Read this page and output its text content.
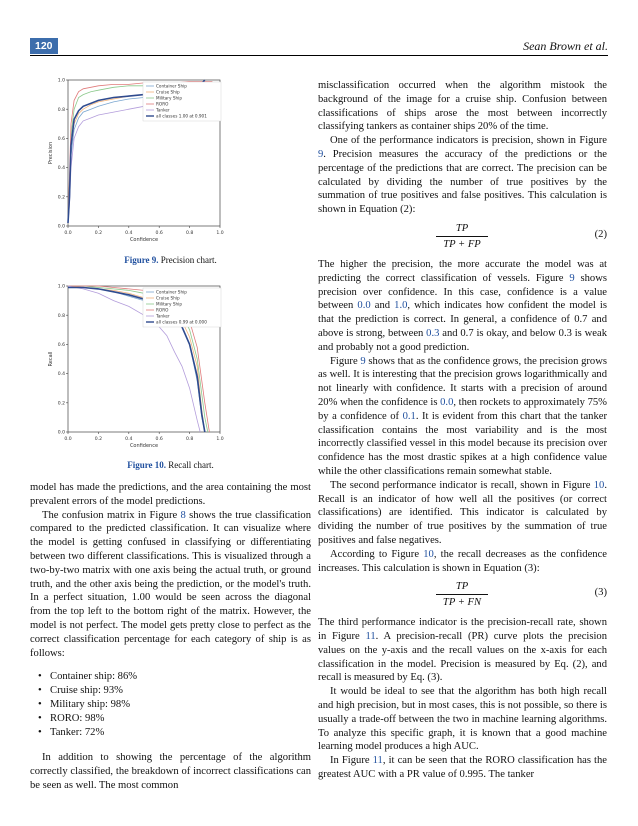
120	Sean Brown et al.
0.0	0.2	0.4	0.6	0.8	1.0
0.0
0.2
0.4
0.6
0.8
1.0
Confidence
Precision
Container Ship
Cruise Ship
Military Ship
RORO
Tanker
all classes 1.00 at 0.901
Figure 9. Precision chart.
0.0	0.2	0.4	0.6	0.8	1.0
0.0
0.2
0.4
0.6
0.8
1.0
Confidence
Recall
Container Ship
Cruise Ship
Military Ship
RORO
Tanker
all classes 0.99 at 0.000
Figure 10. Recall chart.

model has made the predictions, and the area containing the most prevalent errors of the model predictions.

The confusion matrix in Figure 8 shows the true classification compared to the predicted classification. It can visualize where the model is getting confused in classifying or differentiating between two different classifications. This is visualized through a two-by-two matrix with one axis being the actual truth, or ground truth, and the other axis being the prediction, or the model's truth. In a perfect situation, 1.00 would be seen across the diagonal from the top left to the bottom right of the matrix. However, the model is not perfect. The model gets pretty close to perfect as the correct classification percentage for each category of ship is as follows:

• Container ship: 86%
• Cruise ship: 93%
• Military ship: 98%
• RORO: 98%
• Tanker: 72%

In addition to showing the percentage of the algorithm correctly classified, the breakdown of incorrect classifications can be seen as well. The most common

misclassification occurred when the algorithm mistook the background of the image for a cruise ship. Confusion between classifications of ships arose the most between incorrectly classifying tankers as container ships 20% of the time.

One of the performance indicators is precision, shown in Figure 9. Precision measures the accuracy of the predictions or the percentage of the predictions that are correct. The precision can be calculated by dividing the number of true positives by the summation of true positives and false positives. This calculation is shown in Equation (2):

TP
TP + FP
(2)

The higher the precision, the more accurate the model was at predicting the correct classification of vessels. Figure 9 shows precision over confidence. In this case, confidence is a value between 0.0 and 1.0, which indicates how confident the model is that the prediction is correct. In general, a confidence of 0.7 and above is strong, between 0.3 and 0.7 is okay, and below 0.3 is weak and probably not a good prediction.

Figure 9 shows that as the confidence grows, the precision grows as well. It is interesting that the precision grows logarithmically and not linearly with confidence. It starts with a precision of around 20% when the confidence is 0.0, then rockets to approximately 75% by a confidence of 0.1. It is evident from this chart that the tanker classification contains the most variability and is the most incorrectly classified vessel in this model because its precision over confidence has the most drastic spikes at a high confidence value while the other classifications remain somewhat stable.

The second performance indicator is recall, shown in Figure 10. Recall is an indicator of how well all the positives (or correct classifications) are identified. This indicator is calculated by dividing the number of true positives by the summation of true positives and false negatives.

According to Figure 10, the recall decreases as the confidence increases. This calculation is shown in Equation (3):

TP
TP + FN
(3)

The third performance indicator is the precision-recall rate, shown in Figure 11. A precision-recall (PR) curve plots the precision values on the y-axis and the recall values on the x-axis for each classification in the model. Precision is measured by Eq. (2), and recall is measured by Eq. (3).

It would be ideal to see that the algorithm has both high recall and high precision, but in most cases, this is not possible, so there is usually a trade-off between the two in machine learning algorithms. To analyze this specific graph, it is known that a good machine learning model produces a high AUC.

In Figure 11, it can be seen that the RORO classification has the greatest AUC with a PR value of 0.995. The tanker
